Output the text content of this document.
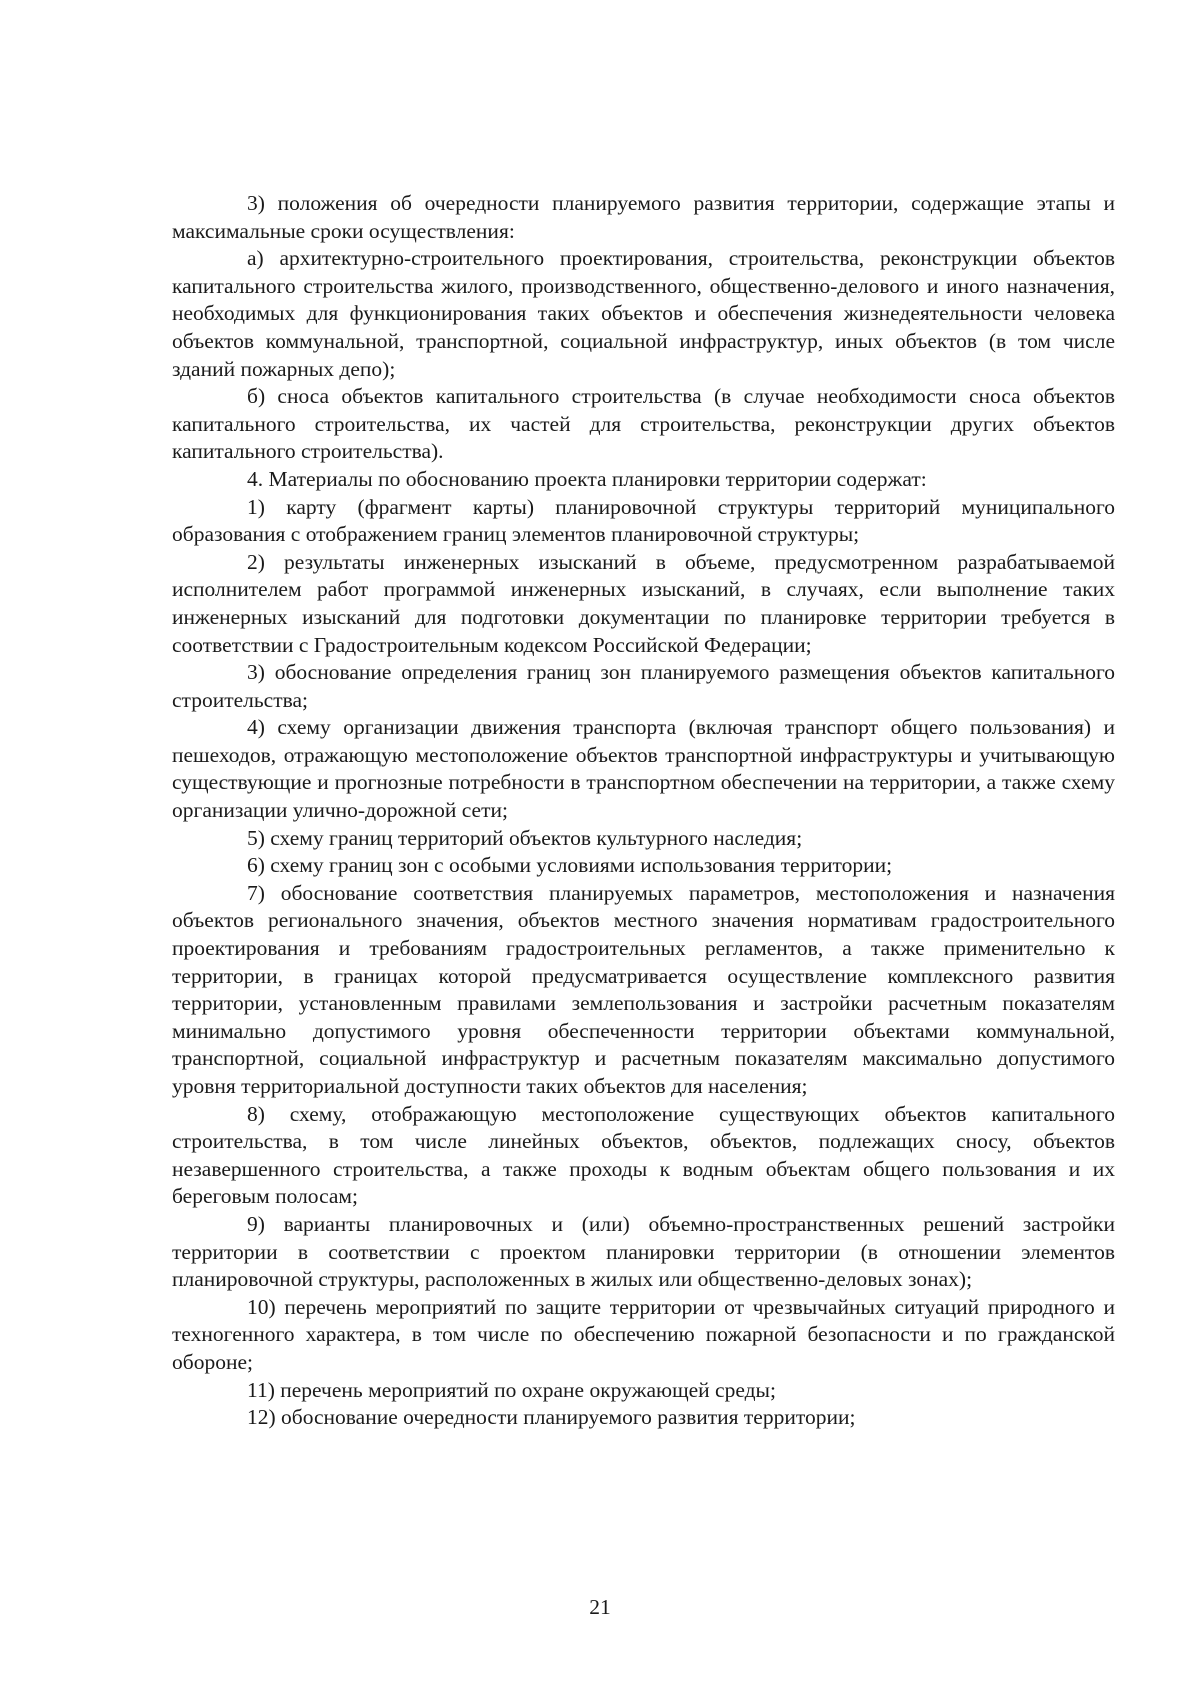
3) положения об очередности планируемого развития территории, содержащие этапы и максимальные сроки осуществления:

а) архитектурно-строительного проектирования, строительства, реконструкции объектов капитального строительства жилого, производственного, общественно-делового и иного назначения, необходимых для функционирования таких объектов и обеспечения жизнедеятельности человека объектов коммунальной, транспортной, социальной инфраструктур, иных объектов (в том числе зданий пожарных депо);

б) сноса объектов капитального строительства (в случае необходимости сноса объектов капитального строительства, их частей для строительства, реконструкции других объектов капитального строительства).

4. Материалы по обоснованию проекта планировки территории содержат:

1) карту (фрагмент карты) планировочной структуры территорий муниципального образования с отображением границ элементов планировочной структуры;

2) результаты инженерных изысканий в объеме, предусмотренном разрабатываемой исполнителем работ программой инженерных изысканий, в случаях, если выполнение таких инженерных изысканий для подготовки документации по планировке территории требуется в соответствии с Градостроительным кодексом Российской Федерации;

3) обоснование определения границ зон планируемого размещения объектов капитального строительства;

4) схему организации движения транспорта (включая транспорт общего пользования) и пешеходов, отражающую местоположение объектов транспортной инфраструктуры и учитывающую существующие и прогнозные потребности в транспортном обеспечении на территории, а также схему организации улично-дорожной сети;

5) схему границ территорий объектов культурного наследия;

6) схему границ зон с особыми условиями использования территории;

7) обоснование соответствия планируемых параметров, местоположения и назначения объектов регионального значения, объектов местного значения нормативам градостроительного проектирования и требованиям градостроительных регламентов, а также применительно к территории, в границах которой предусматривается осуществление комплексного развития территории, установленным правилами землепользования и застройки расчетным показателям минимально допустимого уровня обеспеченности территории объектами коммунальной, транспортной, социальной инфраструктур и расчетным показателям максимально допустимого уровня территориальной доступности таких объектов для населения;

8) схему, отображающую местоположение существующих объектов капитального строительства, в том числе линейных объектов, объектов, подлежащих сносу, объектов незавершенного строительства, а также проходы к водным объектам общего пользования и их береговым полосам;

9) варианты планировочных и (или) объемно-пространственных решений застройки территории в соответствии с проектом планировки территории (в отношении элементов планировочной структуры, расположенных в жилых или общественно-деловых зонах);

10) перечень мероприятий по защите территории от чрезвычайных ситуаций природного и техногенного характера, в том числе по обеспечению пожарной безопасности и по гражданской обороне;

11) перечень мероприятий по охране окружающей среды;

12) обоснование очередности планируемого развития территории;

21
